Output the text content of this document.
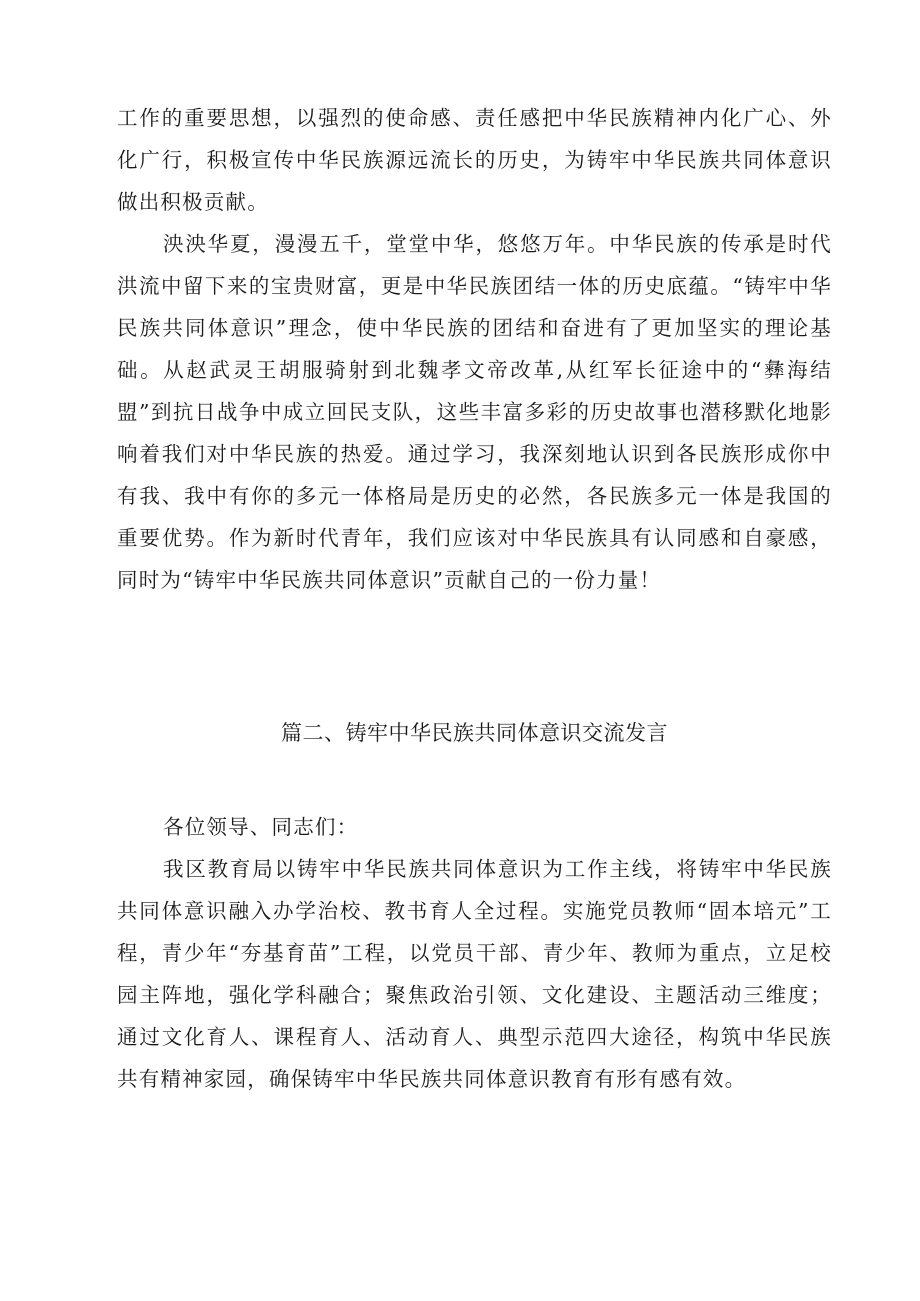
工作的重要思想，以强烈的使命感、责任感把中华民族精神内化广心、外化广行，积极宣传中华民族源远流长的历史，为铸牢中华民族共同体意识做出积极贡献。

泱泱华夏，漫漫五千，堂堂中华，悠悠万年。中华民族的传承是时代洪流中留下来的宝贵财富，更是中华民族团结一体的历史底蕴。“铸牢中华民族共同体意识”理念，使中华民族的团结和奋进有了更加坚实的理论基础。从赵武灵王胡服骑射到北魏孝文帝改革,从红军长征途中的“彝海结盟”到抗日战争中成立回民支队，这些丰富多彩的历史故事也潜移默化地影响着我们对中华民族的热爱。通过学习，我深刻地认识到各民族形成你中有我、我中有你的多元一体格局是历史的必然，各民族多元一体是我国的重要优势。作为新时代青年，我们应该对中华民族具有认同感和自豪感，同时为“铸牢中华民族共同体意识”贡献自己的一份力量！

篇二、铸牢中华民族共同体意识交流发言

各位领导、同志们：

我区教育局以铸牢中华民族共同体意识为工作主线，将铸牢中华民族共同体意识融入办学治校、教书育人全过程。实施党员教师“固本培元”工程，青少年“夯基育苗”工程，以党员干部、青少年、教师为重点，立足校园主阵地，强化学科融合；聚焦政治引领、文化建设、主题活动三维度；通过文化育人、课程育人、活动育人、典型示范四大途径，构筑中华民族共有精神家园，确保铸牢中华民族共同体意识教育有形有感有效。
